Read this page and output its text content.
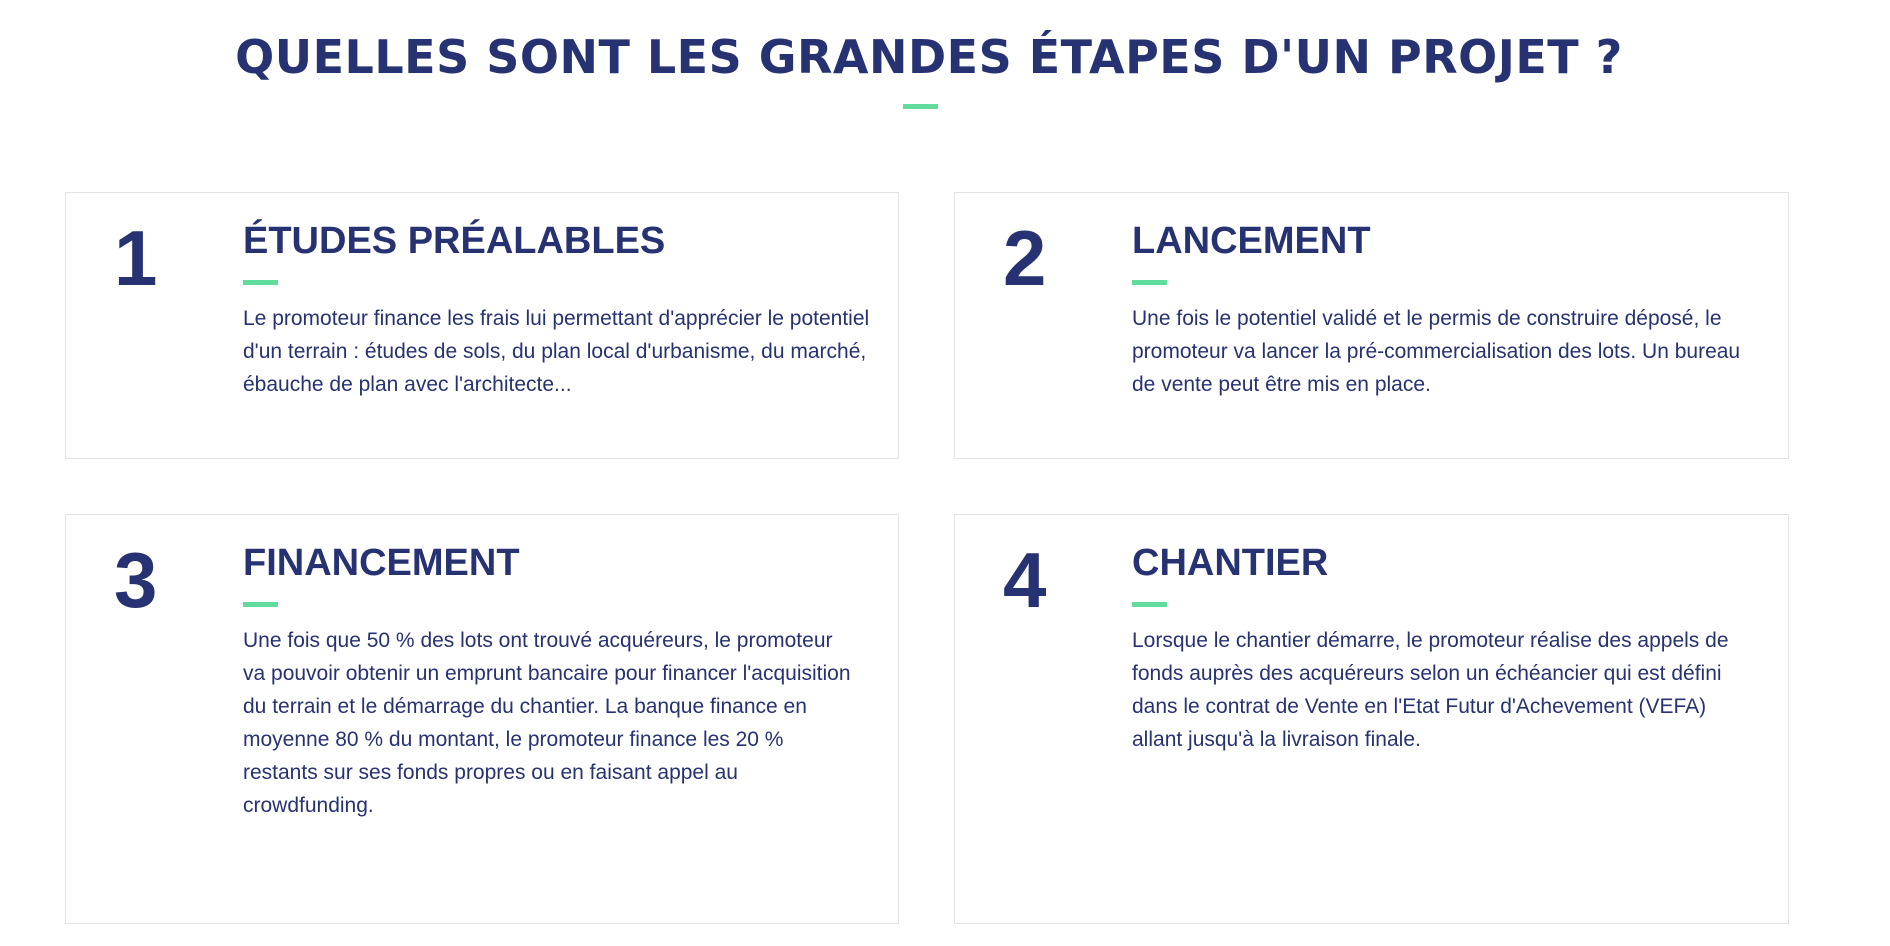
QUELLES SONT LES GRANDES ÉTAPES D'UN PROJET ?
1 ÉTUDES PRÉALABLES

Le promoteur finance les frais lui permettant d'apprécier le potentiel d'un terrain : études de sols, du plan local d'urbanisme, du marché, ébauche de plan avec l'architecte...

2 LANCEMENT

Une fois le potentiel validé et le permis de construire déposé, le promoteur va lancer la pré-commercialisation des lots. Un bureau de vente peut être mis en place.

3 FINANCEMENT

Une fois que 50 % des lots ont trouvé acquéreurs, le promoteur va pouvoir obtenir un emprunt bancaire pour financer l'acquisition du terrain et le démarrage du chantier. La banque finance en moyenne 80 % du montant, le promoteur finance les 20 % restants sur ses fonds propres ou en faisant appel au crowdfunding.

4 CHANTIER

Lorsque le chantier démarre, le promoteur réalise des appels de fonds auprès des acquéreurs selon un échéancier qui est défini dans le contrat de Vente en l'Etat Futur d'Achevement (VEFA) allant jusqu'à la livraison finale.
